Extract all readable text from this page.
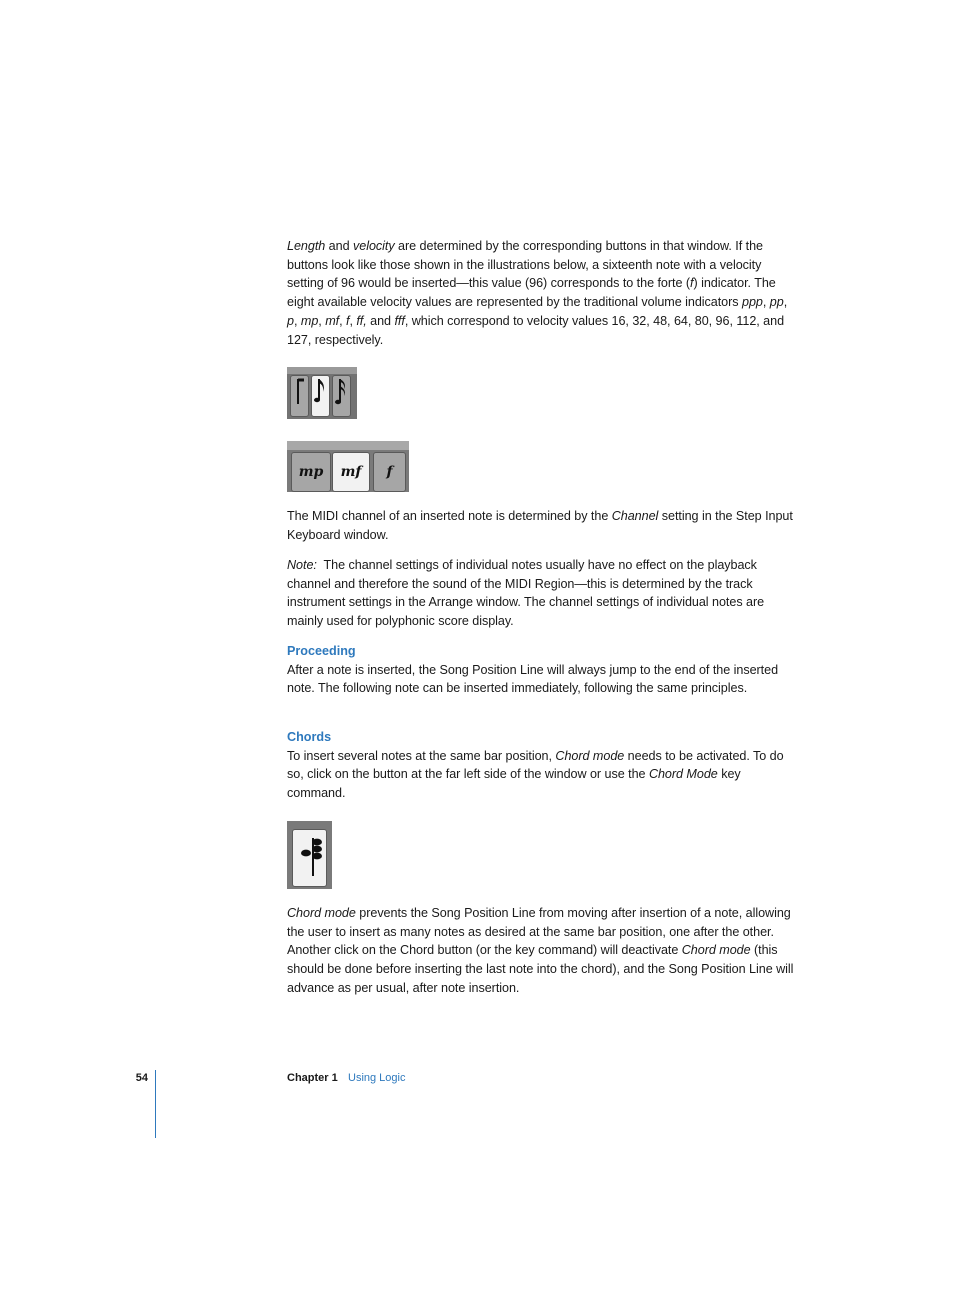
Length and velocity are determined by the corresponding buttons in that window. If the buttons look like those shown in the illustrations below, a sixteenth note with a velocity setting of 96 would be inserted—this value (96) corresponds to the forte (f) indicator. The eight available velocity values are represented by the traditional volume indicators ppp, pp, p, mp, mf, f, ff, and fff, which correspond to velocity values 16, 32, 48, 64, 80, 96, 112, and 127, respectively.

mp mf f

The MIDI channel of an inserted note is determined by the Channel setting in the Step Input Keyboard window.

Note:  The channel settings of individual notes usually have no effect on the playback channel and therefore the sound of the MIDI Region—this is determined by the track instrument settings in the Arrange window. The channel settings of individual notes are mainly used for polyphonic score display.

Proceeding

After a note is inserted, the Song Position Line will always jump to the end of the inserted note. The following note can be inserted immediately, following the same principles.

Chords

To insert several notes at the same bar position, Chord mode needs to be activated. To do so, click on the button at the far left side of the window or use the Chord Mode key command.

Chord mode prevents the Song Position Line from moving after insertion of a note, allowing the user to insert as many notes as desired at the same bar position, one after the other. Another click on the Chord button (or the key command) will deactivate Chord mode (this should be done before inserting the last note into the chord), and the Song Position Line will advance as per usual, after note insertion.

54	Chapter 1 Using Logic
